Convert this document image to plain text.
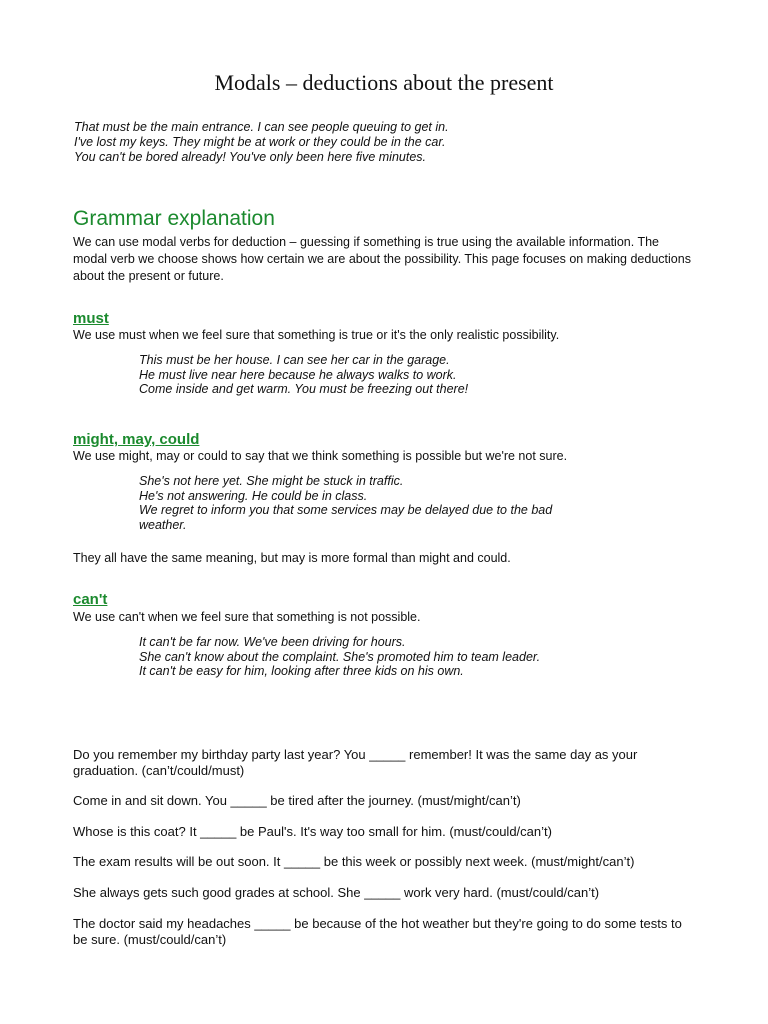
Modals – deductions about the present
That must be the main entrance. I can see people queuing to get in.
I've lost my keys. They might be at work or they could be in the car.
You can't be bored already! You've only been here five minutes.
Grammar explanation

We can use modal verbs for deduction – guessing if something is true using the available information. The modal verb we choose shows how certain we are about the possibility. This page focuses on making deductions about the present or future.

must

We use must when we feel sure that something is true or it's the only realistic possibility.

This must be her house. I can see her car in the garage.
He must live near here because he always walks to work.
Come inside and get warm. You must be freezing out there!
might, may, could

We use might, may or could to say that we think something is possible but we're not sure.

She's not here yet. She might be stuck in traffic.
He's not answering. He could be in class.
We regret to inform you that some services may be delayed due to the bad weather.

They all have the same meaning, but may is more formal than might and could.

can't

We use can't when we feel sure that something is not possible.

It can't be far now. We've been driving for hours.
She can't know about the complaint. She's promoted him to team leader.
It can't be easy for him, looking after three kids on his own.

Do you remember my birthday party last year? You _____ remember! It was the same day as your graduation. (can’t/could/must)

Come in and sit down. You _____ be tired after the journey. (must/might/can’t)

Whose is this coat? It _____ be Paul's. It's way too small for him. (must/could/can’t)

The exam results will be out soon. It _____ be this week or possibly next week. (must/might/can’t)

She always gets such good grades at school. She _____ work very hard. (must/could/can’t)

The doctor said my headaches _____ be because of the hot weather but they're going to do some tests to be sure. (must/could/can’t)
